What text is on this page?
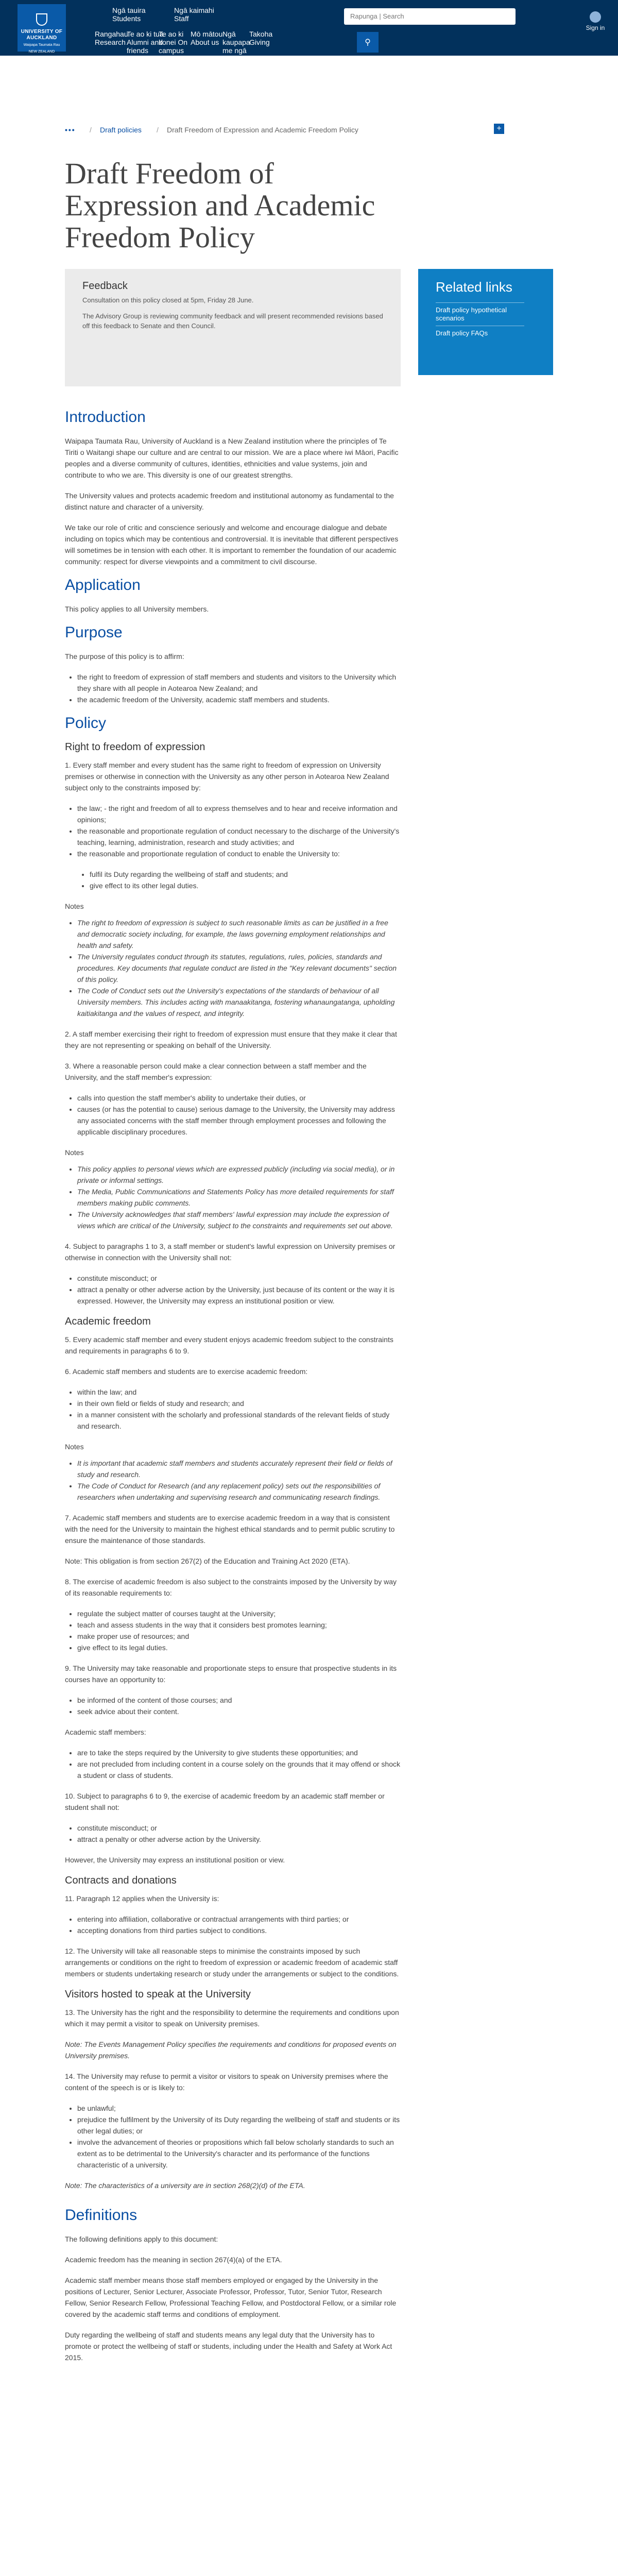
UNIVERSITY OF
AUCKLAND
Waipapa Taumata Rau
NEW ZEALAND
Ngā tauira Students
Ngā kaimahi Staff
Rangahau Research
Te ao ki tua Alumni and friends
Te ao ki konei On campus
Mō mātou About us
Ngā kaupapa me ngā hui News and events
Takoha Giving
Rapunga | Search
⚲
Sign in
••• / Draft policies / Draft Freedom of Expression and Academic Freedom Policy	+
Draft Freedom of Expression and Academic Freedom Policy
Feedback

Consultation on this policy closed at 5pm, Friday 28 June.

The Advisory Group is reviewing community feedback and will present recommended revisions based off this feedback to Senate and then Council.

Related links
Draft policy hypothetical scenarios
Draft policy FAQs
Introduction

Waipapa Taumata Rau, University of Auckland is a New Zealand institution where the principles of Te Tiriti o Waitangi shape our culture and are central to our mission. We are a place where iwi Māori, Pacific peoples and a diverse community of cultures, identities, ethnicities and value systems, join and contribute to who we are. This diversity is one of our greatest strengths.

The University values and protects academic freedom and institutional autonomy as fundamental to the distinct nature and character of a university.

We take our role of critic and conscience seriously and welcome and encourage dialogue and debate including on topics which may be contentious and controversial. It is inevitable that different perspectives will sometimes be in tension with each other. It is important to remember the foundation of our academic community: respect for diverse viewpoints and a commitment to civil discourse.

Application

This policy applies to all University members.

Purpose

The purpose of this policy is to affirm:

• the right to freedom of expression of staff members and students and visitors to the University which they share with all people in Aotearoa New Zealand; and
• the academic freedom of the University, academic staff members and students.
Policy
Right to freedom of expression

1. Every staff member and every student has the same right to freedom of expression on University premises or otherwise in connection with the University as any other person in Aotearoa New Zealand subject only to the constraints imposed by:

• the law; - the right and freedom of all to express themselves and to hear and receive information and opinions;
• the reasonable and proportionate regulation of conduct necessary to the discharge of the University's teaching, learning, administration, research and study activities; and
• the reasonable and proportionate regulation of conduct to enable the University to:
• fulfil its Duty regarding the wellbeing of staff and students; and
• give effect to its other legal duties.

Notes

• The right to freedom of expression is subject to such reasonable limits as can be justified in a free and democratic society including, for example, the laws governing employment relationships and health and safety.
• The University regulates conduct through its statutes, regulations, rules, policies, standards and procedures. Key documents that regulate conduct are listed in the "Key relevant documents" section of this policy.
• The Code of Conduct sets out the University's expectations of the standards of behaviour of all University members. This includes acting with manaakitanga, fostering whanaungatanga, upholding kaitiakitanga and the values of respect, and integrity.

2. A staff member exercising their right to freedom of expression must ensure that they make it clear that they are not representing or speaking on behalf of the University.

3. Where a reasonable person could make a clear connection between a staff member and the University, and the staff member's expression:

• calls into question the staff member's ability to undertake their duties, or
• causes (or has the potential to cause) serious damage to the University, the University may address any associated concerns with the staff member through employment processes and following the applicable disciplinary procedures.

Notes

• This policy applies to personal views which are expressed publicly (including via social media), or in private or informal settings.
• The Media, Public Communications and Statements Policy has more detailed requirements for staff members making public comments.
• The University acknowledges that staff members' lawful expression may include the expression of views which are critical of the University, subject to the constraints and requirements set out above.

4. Subject to paragraphs 1 to 3, a staff member or student's lawful expression on University premises or otherwise in connection with the University shall not:

• constitute misconduct; or
• attract a penalty or other adverse action by the University, just because of its content or the way it is expressed. However, the University may express an institutional position or view.
Academic freedom

5. Every academic staff member and every student enjoys academic freedom subject to the constraints and requirements in paragraphs 6 to 9.

6. Academic staff members and students are to exercise academic freedom:

• within the law; and
• in their own field or fields of study and research; and
• in a manner consistent with the scholarly and professional standards of the relevant fields of study and research.

Notes

• It is important that academic staff members and students accurately represent their field or fields of study and research.
• The Code of Conduct for Research (and any replacement policy) sets out the responsibilities of researchers when undertaking and supervising research and communicating research findings.

7. Academic staff members and students are to exercise academic freedom in a way that is consistent with the need for the University to maintain the highest ethical standards and to permit public scrutiny to ensure the maintenance of those standards.

Note: This obligation is from section 267(2) of the Education and Training Act 2020 (ETA).

8. The exercise of academic freedom is also subject to the constraints imposed by the University by way of its reasonable requirements to:

• regulate the subject matter of courses taught at the University;
• teach and assess students in the way that it considers best promotes learning;
• make proper use of resources; and
• give effect to its legal duties.

9. The University may take reasonable and proportionate steps to ensure that prospective students in its courses have an opportunity to:

• be informed of the content of those courses; and
• seek advice about their content.

Academic staff members:

• are to take the steps required by the University to give students these opportunities; and
• are not precluded from including content in a course solely on the grounds that it may offend or shock a student or class of students.

10. Subject to paragraphs 6 to 9, the exercise of academic freedom by an academic staff member or student shall not:

• constitute misconduct; or
• attract a penalty or other adverse action by the University.

However, the University may express an institutional position or view.

Contracts and donations

11. Paragraph 12 applies when the University is:

• entering into affiliation, collaborative or contractual arrangements with third parties; or
• accepting donations from third parties subject to conditions.

12. The University will take all reasonable steps to minimise the constraints imposed by such arrangements or conditions on the right to freedom of expression or academic freedom of academic staff members or students undertaking research or study under the arrangements or subject to the conditions.

Visitors hosted to speak at the University

13. The University has the right and the responsibility to determine the requirements and conditions upon which it may permit a visitor to speak on University premises.

Note: The Events Management Policy specifies the requirements and conditions for proposed events on University premises.

14. The University may refuse to permit a visitor or visitors to speak on University premises where the content of the speech is or is likely to:

• be unlawful;
• prejudice the fulfilment by the University of its Duty regarding the wellbeing of staff and students or its other legal duties; or
• involve the advancement of theories or propositions which fall below scholarly standards to such an extent as to be detrimental to the University's character and its performance of the functions characteristic of a university.

Note: The characteristics of a university are in section 268(2)(d) of the ETA.

Definitions

The following definitions apply to this document:

Academic freedom has the meaning in section 267(4)(a) of the ETA.

Academic staff member means those staff members employed or engaged by the University in the positions of Lecturer, Senior Lecturer, Associate Professor, Professor, Tutor, Senior Tutor, Research Fellow, Senior Research Fellow, Professional Teaching Fellow, and Postdoctoral Fellow, or a similar role covered by the academic staff terms and conditions of employment.

Duty regarding the wellbeing of staff and students means any legal duty that the University has to promote or protect the wellbeing of staff or students, including under the Health and Safety at Work Act 2015.
